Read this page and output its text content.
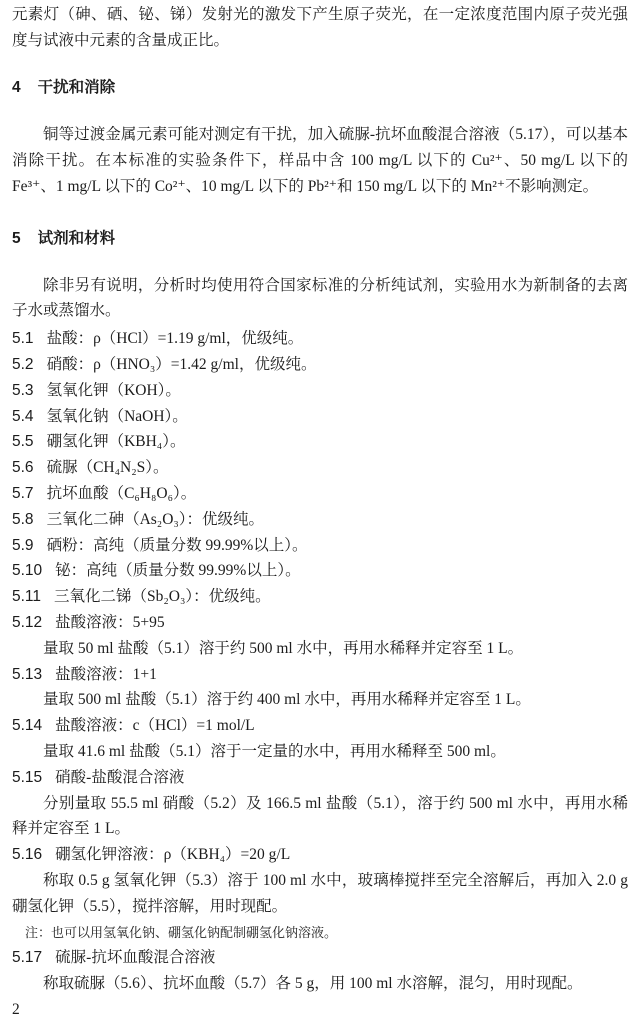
元素灯（砷、硒、铋、锑）发射光的激发下产生原子荧光，在一定浓度范围内原子荧光强度与试液中元素的含量成正比。
4 干扰和消除
铜等过渡金属元素可能对测定有干扰，加入硫脲-抗坏血酸混合溶液（5.17），可以基本消除干扰。在本标准的实验条件下，样品中含 100 mg/L 以下的 Cu²⁺、50 mg/L 以下的 Fe³⁺、1 mg/L 以下的 Co²⁺、10 mg/L 以下的 Pb²⁺和 150 mg/L 以下的 Mn²⁺不影响测定。
5 试剂和材料
除非另有说明，分析时均使用符合国家标准的分析纯试剂，实验用水为新制备的去离子水或蒸馏水。
5.1 盐酸：ρ（HCl）=1.19 g/ml，优级纯。
5.2 硝酸：ρ（HNO₃）=1.42 g/ml，优级纯。
5.3 氢氧化钾（KOH）。
5.4 氢氧化钠（NaOH）。
5.5 硼氢化钾（KBH₄）。
5.6 硫脲（CH₄N₂S）。
5.7 抗坏血酸（C₆H₈O₆）。
5.8 三氧化二砷（As₂O₃）：优级纯。
5.9 硒粉：高纯（质量分数 99.99%以上）。
5.10 铋：高纯（质量分数 99.99%以上）。
5.11 三氧化二锑（Sb₂O₃）：优级纯。
5.12 盐酸溶液：5+95
量取 50 ml 盐酸（5.1）溶于约 500 ml 水中，再用水稀释并定容至 1 L。
5.13 盐酸溶液：1+1
量取 500 ml 盐酸（5.1）溶于约 400 ml 水中，再用水稀释并定容至 1 L。
5.14 盐酸溶液：c（HCl）=1 mol/L
量取 41.6 ml 盐酸（5.1）溶于一定量的水中，再用水稀释至 500 ml。
5.15 硝酸-盐酸混合溶液
分别量取 55.5 ml 硝酸（5.2）及 166.5 ml 盐酸（5.1），溶于约 500 ml 水中，再用水稀释并定容至 1 L。
5.16 硼氢化钾溶液：ρ（KBH₄）=20 g/L
称取 0.5 g 氢氧化钾（5.3）溶于 100 ml 水中，玻璃棒搅拌至完全溶解后，再加入 2.0 g 硼氢化钾（5.5），搅拌溶解，用时现配。
注：也可以用氢氧化钠、硼氢化钠配制硼氢化钠溶液。
5.17 硫脲-抗坏血酸混合溶液
称取硫脲（5.6）、抗坏血酸（5.7）各 5 g，用 100 ml 水溶解，混匀，用时现配。
2
